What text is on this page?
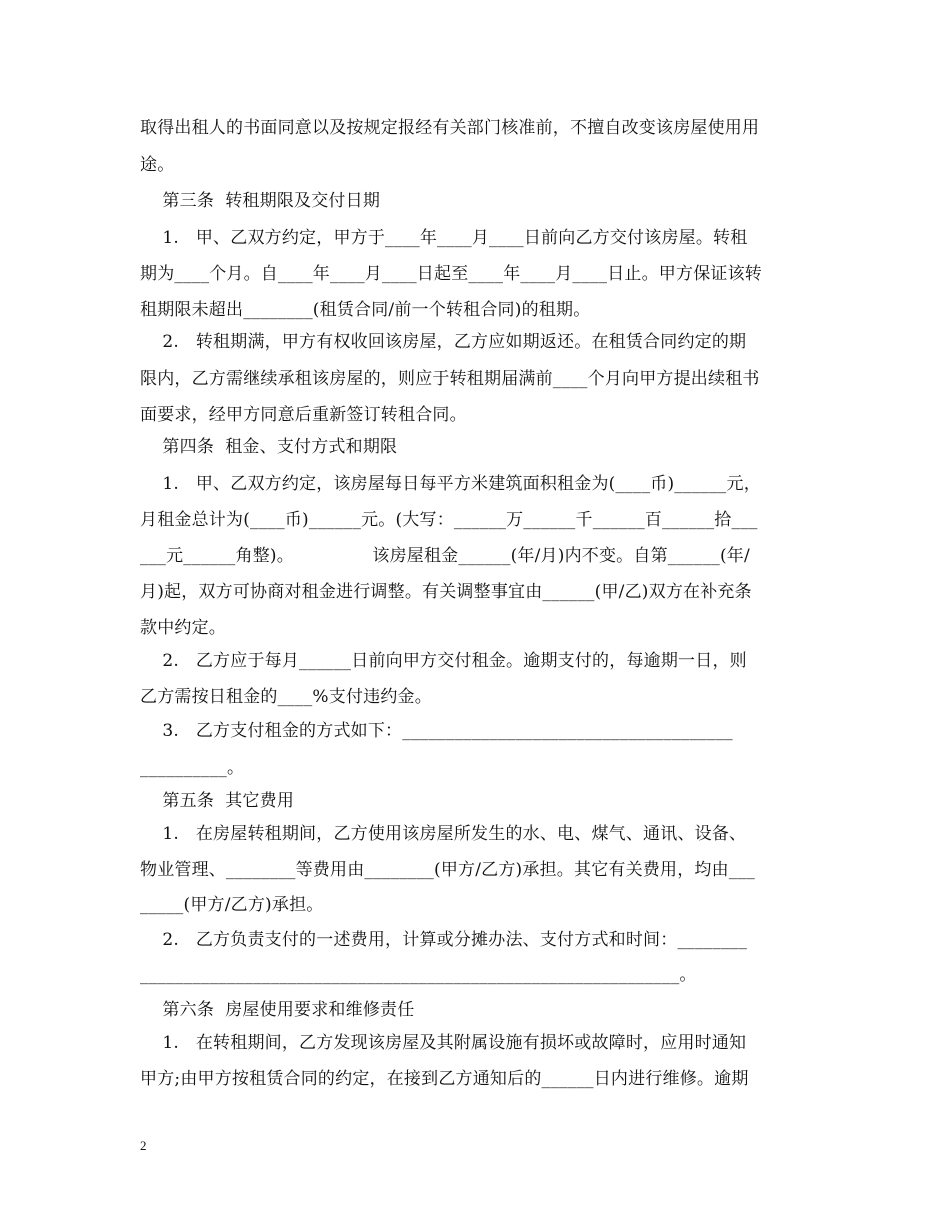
取得出租人的书面同意以及按规定报经有关部门核准前，不擅自改变该房屋使用用
途。
第三条  转租期限及交付日期
1.   甲、乙双方约定，甲方于____年____月____日前向乙方交付该房屋。转租
期为____个月。自____年____月____日起至____年____月____日止。甲方保证该转
租期限未超出________(租赁合同/前一个转租合同)的租期。
2.   转租期满，甲方有权收回该房屋，乙方应如期返还。在租赁合同约定的期
限内，乙方需继续承租该房屋的，则应于转租期届满前____个月向甲方提出续租书
面要求，经甲方同意后重新签订转租合同。
第四条  租金、支付方式和期限
1.   甲、乙双方约定，该房屋每日每平方米建筑面积租金为(____币)______元，
月租金总计为(____币)______元。(大写：______万______千______百______拾___
___元______角整)。              该房屋租金______(年/月)内不变。自第______(年/
月)起，双方可协商对租金进行调整。有关调整事宜由______(甲/乙)双方在补充条
款中约定。
2.   乙方应于每月______日前向甲方交付租金。逾期支付的，每逾期一日，则
乙方需按日租金的____%支付违约金。
3.   乙方支付租金的方式如下：______________________________________
__________。
第五条  其它费用
1.   在房屋转租期间，乙方使用该房屋所发生的水、电、煤气、通讯、设备、
物业管理、________等费用由________(甲方/乙方)承担。其它有关费用，均由___
_____(甲方/乙方)承担。
2.   乙方负责支付的一述费用，计算或分摊办法、支付方式和时间：________
______________________________________________________________。
第六条  房屋使用要求和维修责任
1.   在转租期间，乙方发现该房屋及其附属设施有损坏或故障时，应用时通知
甲方;由甲方按租赁合同的约定，在接到乙方通知后的______日内进行维修。逾期
2
